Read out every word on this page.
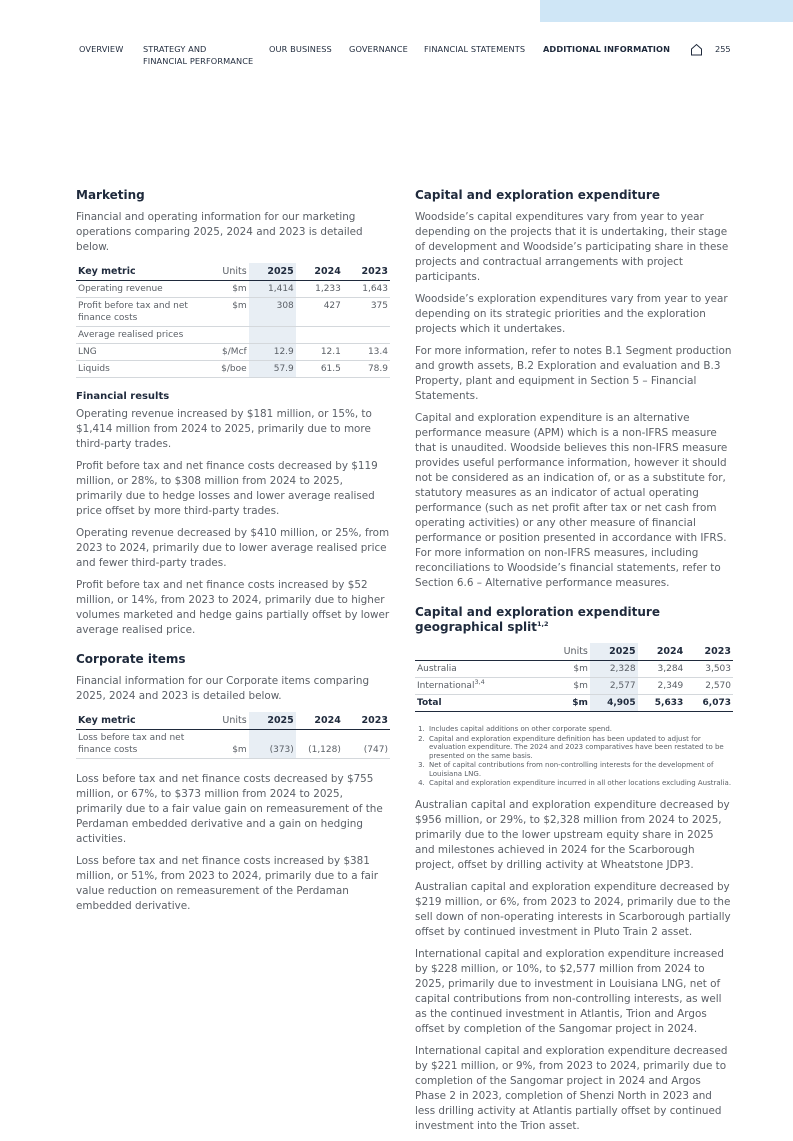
OVERVIEW STRATEGY AND
FINANCIAL PERFORMANCE
OUR BUSINESS GOVERNANCE FINANCIAL STATEMENTS ADDITIONAL INFORMATION	255
Marketing

Financial and operating information for our marketing operations comparing 2025, 2024 and 2023 is detailed below.

Key metric	Units	2025	2024	2023
Operating revenue	$m	1,414	1,233	1,643
Profit before tax and net finance costs	$m	308	427	375
Average realised prices				
LNG	$/Mcf	12.9	12.1	13.4
Liquids	$/boe	57.9	61.5	78.9
Financial results

Operating revenue increased by $181 million, or 15%, to $1,414 million from 2024 to 2025, primarily due to more third-party trades.

Profit before tax and net finance costs decreased by $119 million, or 28%, to $308 million from 2024 to 2025, primarily due to hedge losses and lower average realised price offset by more third-party trades.

Operating revenue decreased by $410 million, or 25%, from 2023 to 2024, primarily due to lower average realised price and fewer third-party trades.

Profit before tax and net finance costs increased by $52 million, or 14%, from 2023 to 2024, primarily due to higher volumes marketed and hedge gains partially offset by lower average realised price.

Corporate items

Financial information for our Corporate items comparing 2025, 2024 and 2023 is detailed below.

Key metric	Units	2025	2024	2023
Loss before tax and net finance costs	$m	(373)	(1,128)	(747)

Loss before tax and net finance costs decreased by $755 million, or 67%, to $373 million from 2024 to 2025, primarily due to a fair value gain on remeasurement of the Perdaman embedded derivative and a gain on hedging activities.

Loss before tax and net finance costs increased by $381 million, or 51%, from 2023 to 2024, primarily due to a fair value reduction on remeasurement of the Perdaman embedded derivative.

Capital and exploration expenditure

Woodside’s capital expenditures vary from year to year depending on the projects that it is undertaking, their stage of development and Woodside’s participating share in these projects and contractual arrangements with project participants.

Woodside’s exploration expenditures vary from year to year depending on its strategic priorities and the exploration projects which it undertakes.

For more information, refer to notes B.1 Segment production and growth assets, B.2 Exploration and evaluation and B.3 Property, plant and equipment in Section 5 – Financial Statements.

Capital and exploration expenditure is an alternative performance measure (APM) which is a non-IFRS measure that is unaudited. Woodside believes this non-IFRS measure provides useful performance information, however it should not be considered as an indication of, or as a substitute for, statutory measures as an indicator of actual operating performance (such as net profit after tax or net cash from operating activities) or any other measure of financial performance or position presented in accordance with IFRS. For more information on non-IFRS measures, including reconciliations to Woodside’s financial statements, refer to Section 6.6 – Alternative performance measures.

Capital and exploration expenditure geographical split$^{1,2}$
	Units	2025	2024	2023
Australia	$m	2,328	3,284	3,503
International$^{3,4}$	$m	2,577	2,349	2,570
Total	$m	4,905	5,633	6,073
1. Includes capital additions on other corporate spend.
2. Capital and exploration expenditure definition has been updated to adjust for evaluation expenditure. The 2024 and 2023 comparatives have been restated to be presented on the same basis.
3. Net of capital contributions from non-controlling interests for the development of Louisiana LNG.
4. Capital and exploration expenditure incurred in all other locations excluding Australia.

Australian capital and exploration expenditure decreased by $956 million, or 29%, to $2,328 million from 2024 to 2025, primarily due to the lower upstream equity share in 2025 and milestones achieved in 2024 for the Scarborough project, offset by drilling activity at Wheatstone JDP3.

Australian capital and exploration expenditure decreased by $219 million, or 6%, from 2023 to 2024, primarily due to the sell down of non-operating interests in Scarborough partially offset by continued investment in Pluto Train 2 asset.

International capital and exploration expenditure increased by $228 million, or 10%, to $2,577 million from 2024 to 2025, primarily due to investment in Louisiana LNG, net of capital contributions from non-controlling interests, as well as the continued investment in Atlantis, Trion and Argos offset by completion of the Sangomar project in 2024.

International capital and exploration expenditure decreased by $221 million, or 9%, from 2023 to 2024, primarily due to completion of the Sangomar project in 2024 and Argos Phase 2 in 2023, completion of Shenzi North in 2023 and less drilling activity at Atlantis partially offset by continued investment into the Trion asset.
